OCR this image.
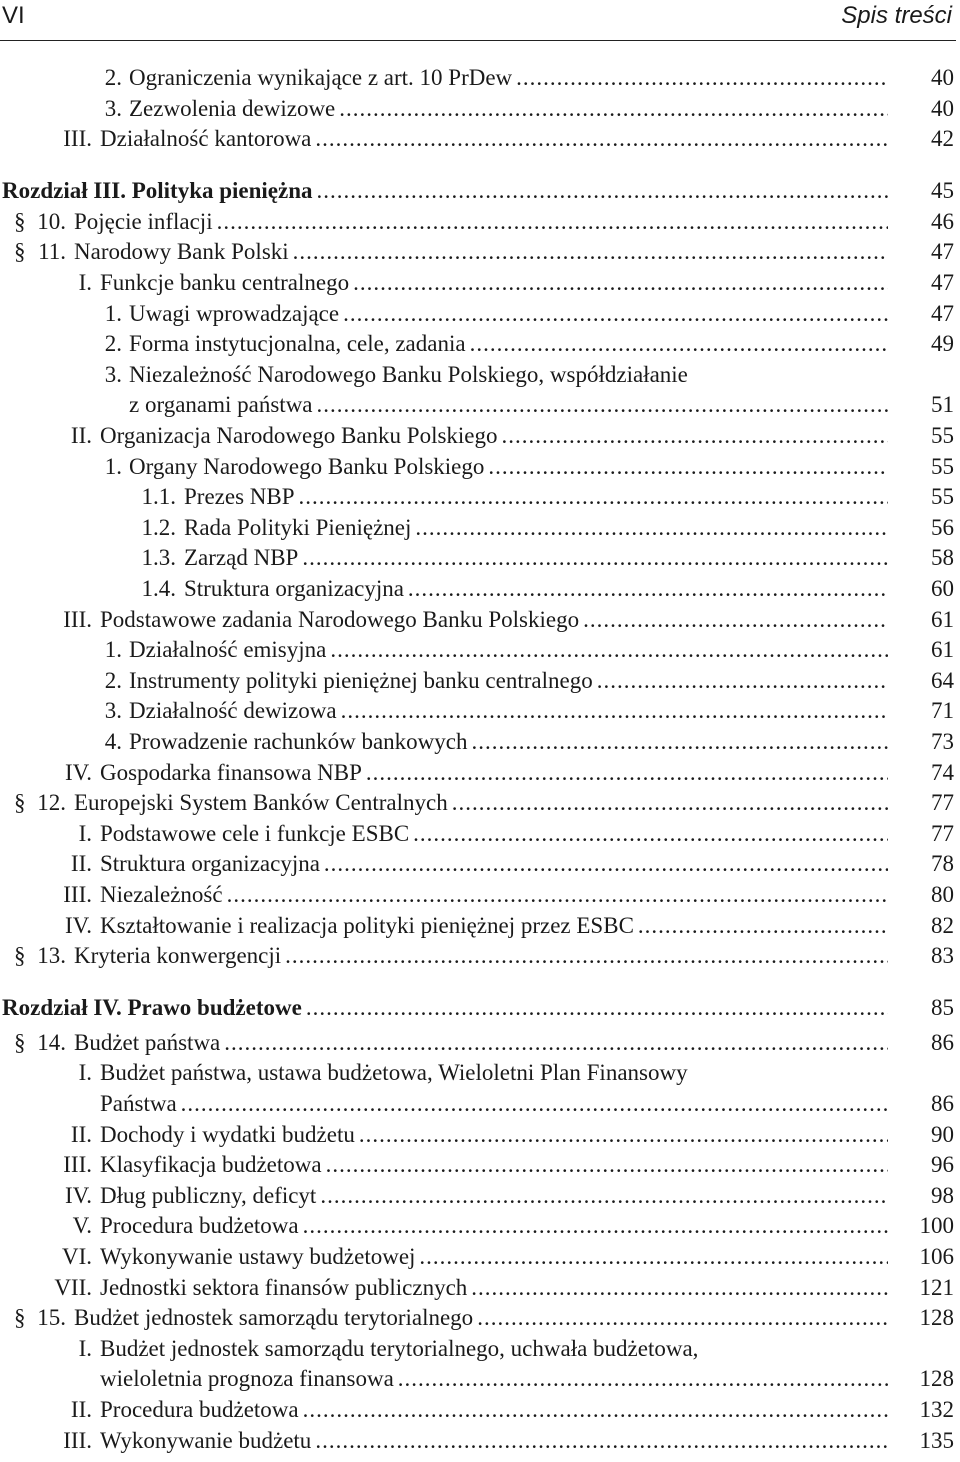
VI	Spis treści
2. Ograniczenia wynikające z art. 10 PrDew .....	40
3. Zezwolenia dewizowe .....	40
III. Działalność kantorowa .....	42
Rozdział III. Polityka pieniężna .....	45
§ 10. Pojęcie inflacji .....	46
§ 11. Narodowy Bank Polski .....	47
I. Funkcje banku centralnego .....	47
1. Uwagi wprowadzające .....	47
2. Forma instytucjonalna, cele, zadania .....	49
3. Niezależność Narodowego Banku Polskiego, współdziałanie
z organami państwa .....	51
II. Organizacja Narodowego Banku Polskiego .....	55
1. Organy Narodowego Banku Polskiego .....	55
1.1. Prezes NBP .....	55
1.2. Rada Polityki Pieniężnej .....	56
1.3. Zarząd NBP .....	58
1.4. Struktura organizacyjna .....	60
III. Podstawowe zadania Narodowego Banku Polskiego .....	61
1. Działalność emisyjna .....	61
2. Instrumenty polityki pieniężnej banku centralnego .....	64
3. Działalność dewizowa .....	71
4. Prowadzenie rachunków bankowych .....	73
IV. Gospodarka finansowa NBP .....	74
§ 12. Europejski System Banków Centralnych .....	77
I. Podstawowe cele i funkcje ESBC .....	77
II. Struktura organizacyjna .....	78
III. Niezależność .....	80
IV. Kształtowanie i realizacja polityki pieniężnej przez ESBC .....	82
§ 13. Kryteria konwergencji .....	83
Rozdział IV. Prawo budżetowe .....	85
§ 14. Budżet państwa .....	86
I. Budżet państwa, ustawa budżetowa, Wieloletni Plan Finansowy
Państwa .....	86
II. Dochody i wydatki budżetu .....	90
III. Klasyfikacja budżetowa .....	96
IV. Dług publiczny, deficyt .....	98
V. Procedura budżetowa .....	100
VI. Wykonywanie ustawy budżetowej .....	106
VII. Jednostki sektora finansów publicznych .....	121
§ 15. Budżet jednostek samorządu terytorialnego .....	128
I. Budżet jednostek samorządu terytorialnego, uchwała budżetowa,
wieloletnia prognoza finansowa .....	128
II. Procedura budżetowa .....	132
III. Wykonywanie budżetu .....	135
